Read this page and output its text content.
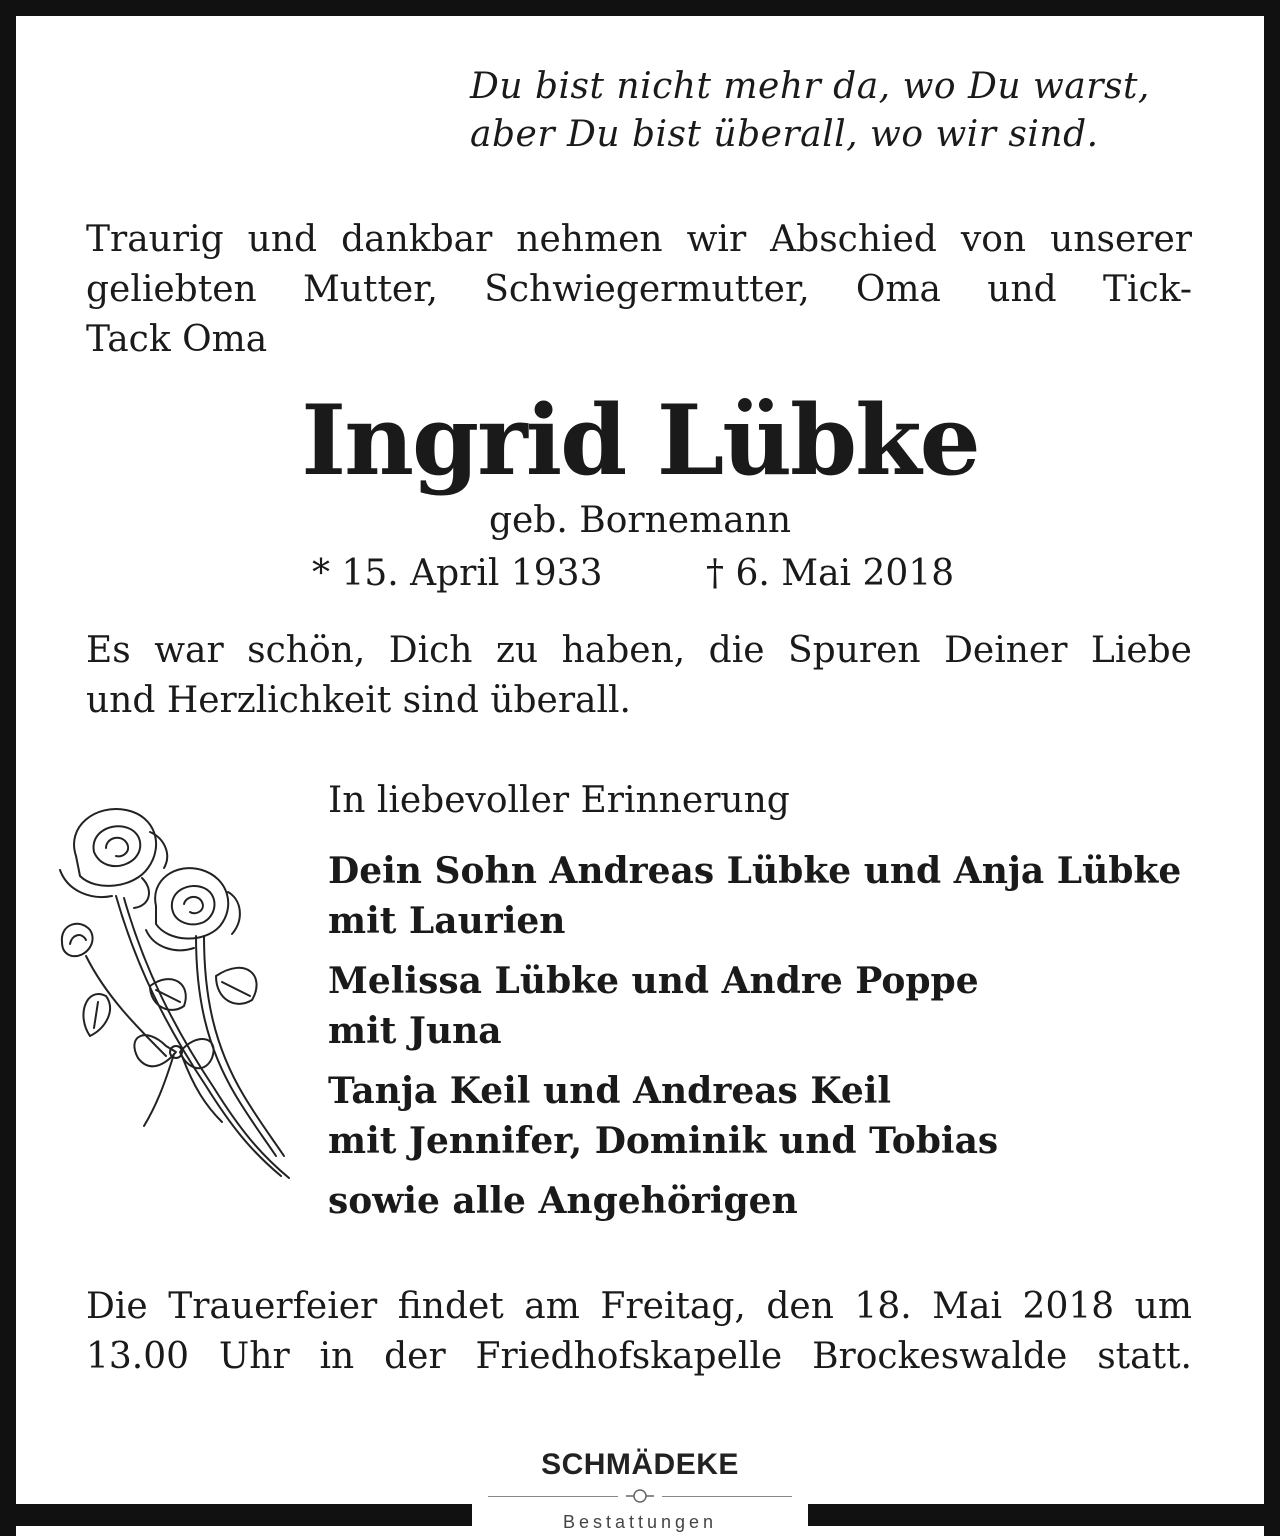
Du bist nicht mehr da, wo Du warst,

aber Du bist überall, wo wir sind.

Traurig und dankbar nehmen wir Abschied von unserer
geliebten Mutter, Schwiegermutter, Oma und Tick-
Tack Oma

Ingrid Lübke

geb. Bornemann

* 15. April 1933	† 6. Mai 2018

Es war schön, Dich zu haben, die Spuren Deiner Liebe
und Herzlichkeit sind überall.

In liebevoller Erinnerung

Dein Sohn Andreas Lübke und Anja Lübke

mit Laurien

Melissa Lübke und Andre Poppe

mit Juna

Tanja Keil und Andreas Keil

mit Jennifer, Dominik und Tobias

sowie alle Angehörigen

Die Trauerfeier findet am Freitag, den 18. Mai 2018 um
13.00 Uhr in der Friedhofskapelle Brockeswalde statt.
SCHMÄDEKE
Bestattungen
